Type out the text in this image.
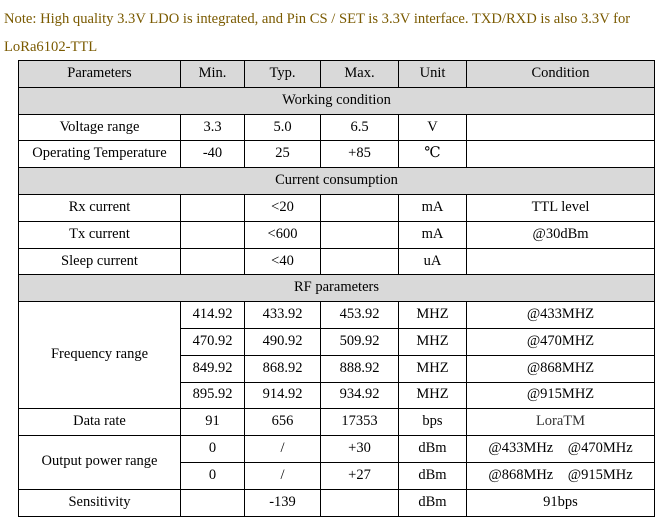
Note: High quality 3.3V LDO is integrated, and Pin CS / SET is 3.3V interface. TXD/RXD is also 3.3V for LoRa6102-TTL
Parameters	Min.	Typ.	Max.	Unit	Condition
Working condition					
Voltage range	3.3	5.0	6.5	V	
Operating Temperature	-40	25	+85	℃	
Current consumption					
Rx current		<20		mA	TTL level
Tx current		<600		mA	@30dBm
Sleep current		<40		uA	
RF parameters					
Frequency range	414.92	433.92	453.92	MHZ	@433MHZ
	470.92	490.92	509.92	MHZ	@470MHZ
	849.92	868.92	888.92	MHZ	@868MHZ
	895.92	914.92	934.92	MHZ	@915MHZ
Data rate	91	656	17353	bps	LoraTM
Output power range	0	/	+30	dBm	@433MHz    @470MHz
	0	/	+27	dBm	@868MHz    @915MHz
Sensitivity		-139		dBm	91bps
